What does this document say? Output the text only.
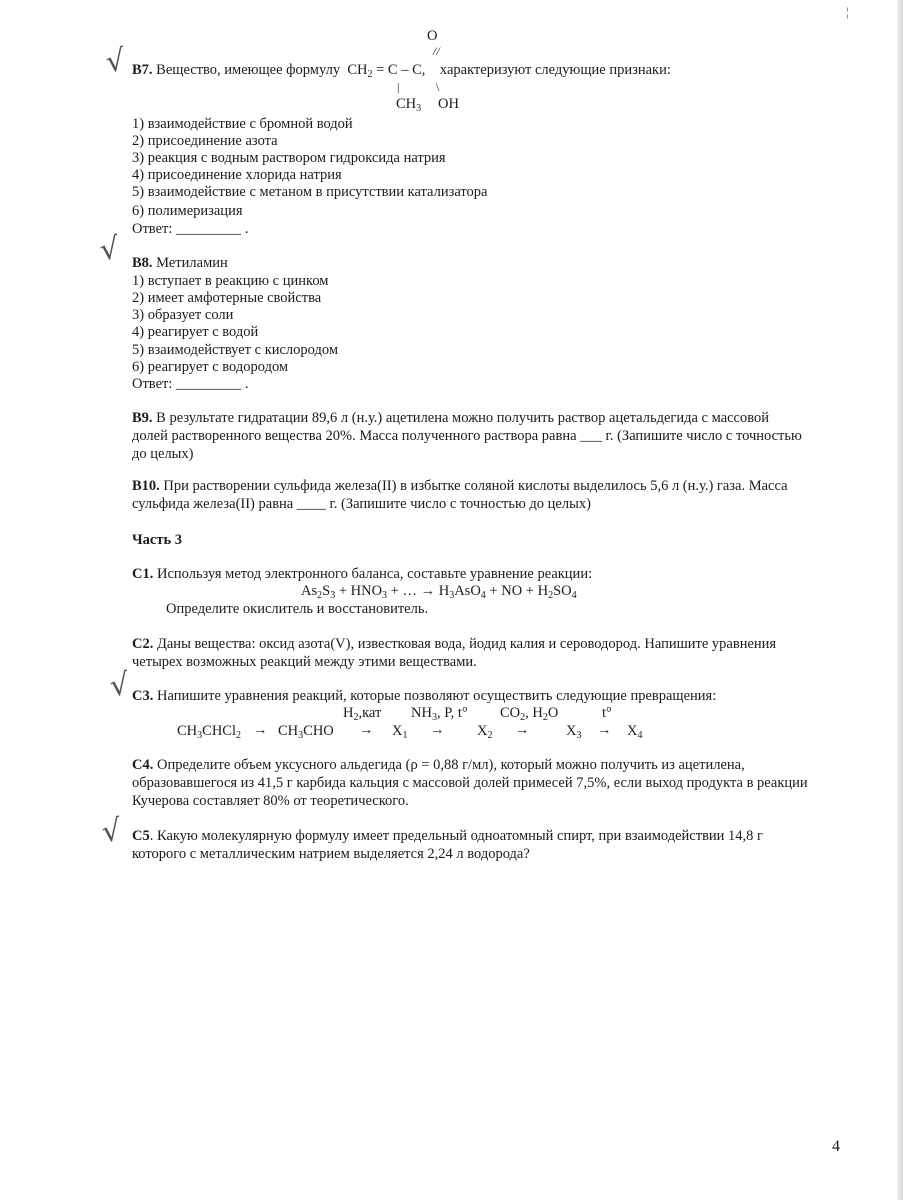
¦
√
√
√
√
O
//
В7. Вещество, имеющее формулу $CH_2 = C - C$, характеризуют следующие признаки:
|	\
$CH_3$ OH
1) взаимодействие с бромной водой
2) присоединение азота
3) реакция с водным раствором гидроксида натрия
4) присоединение хлорида натрия
5) взаимодействие с метаном в присутствии катализатора
6) полимеризация
Ответ: _________ .
В8. Метиламин
1) вступает в реакцию с цинком
2) имеет амфотерные свойства
3) образует соли
4) реагирует с водой
5) взаимодействует с кислородом
6) реагирует с водородом
Ответ: _________ .
В9. В результате гидратации 89,6 л (н.у.) ацетилена можно получить раствор ацетальдегида с массовой
долей растворенного вещества 20%. Масса полученного раствора равна ___ г. (Запишите число с точностью
до целых)
В10. При растворении сульфида железа(II) в избытке соляной кислоты выделилось 5,6 л (н.у.) газа. Масса
сульфида железа(II) равна ____ г. (Запишите число с точностью до целых)
Часть 3
С1. Используя метод электронного баланса, составьте уравнение реакции:
$As_2S_3 + HNO_3$ + … → $H_3AsO_4$ + NO + $H_2SO_4$
Определите окислитель и восстановитель.
С2. Даны вещества: оксид азота(V), известковая вода, йодид калия и сероводород. Напишите уравнения
четырех возможных реакций между этими веществами.
С3. Напишите уравнения реакций, которые позволяют осуществить следующие превращения:
$H_2,кат$ $NH_3$, P, t° $CO_2$, $H_2O$	t°
$CH_3CHCl_2 \to CH_3CHO \to X_1 \to X_2$ →	$X_3 \to X_4$
С4. Определите объем уксусного альдегида (ρ = 0,88 г/мл), который можно получить из ацетилена,
образовавшегося из 41,5 г карбида кальция с массовой долей примесей 7,5%, если выход продукта в реакции
Кучерова составляет 80% от теоретического.
С5. Какую молекулярную формулу имеет предельный одноатомный спирт, при взаимодействии 14,8 г
которого с металлическим натрием выделяется 2,24 л водорода?
4
